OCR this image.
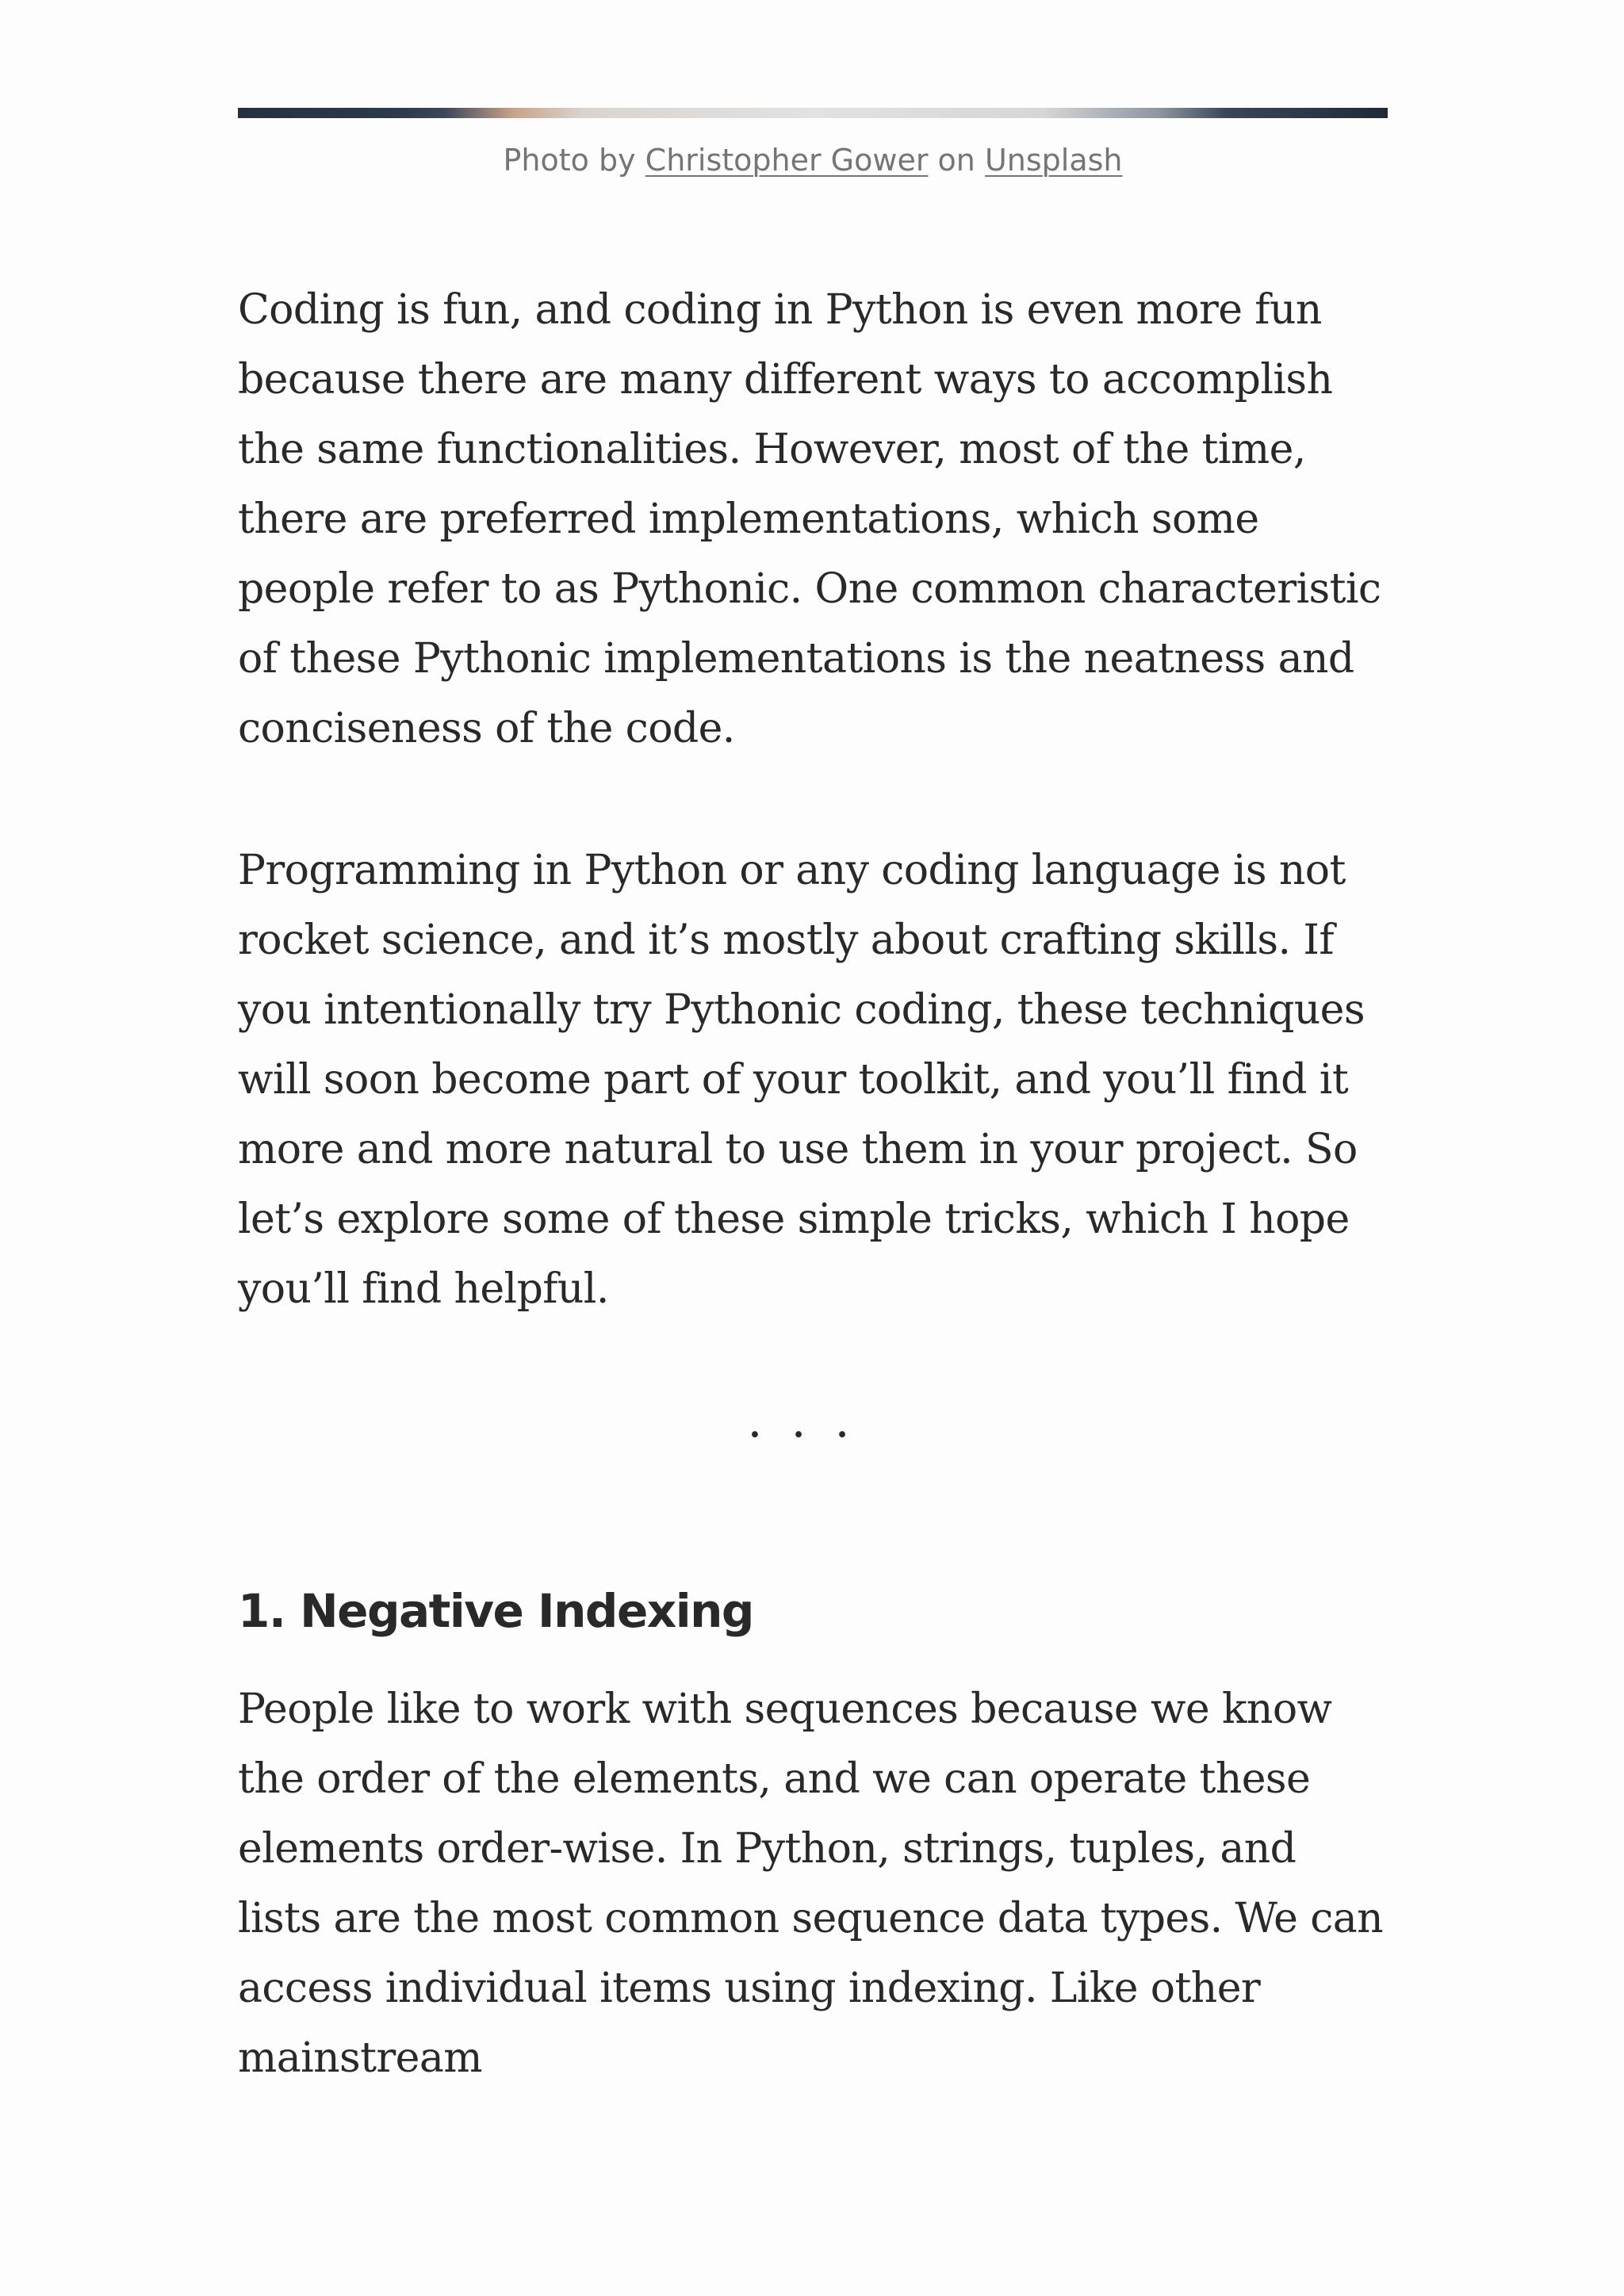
Photo by Christopher Gower on Unsplash

Coding is fun, and coding in Python is even more fun because there are many different ways to accomplish the same functionalities. However, most of the time, there are preferred implementations, which some people refer to as Pythonic. One common characteristic of these Pythonic implementations is the neatness and conciseness of the code.

Programming in Python or any coding language is not rocket science, and it’s mostly about crafting skills. If you intentionally try Pythonic coding, these techniques will soon become part of your toolkit, and you’ll find it more and more natural to use them in your project. So let’s explore some of these simple tricks, which I hope you’ll find helpful.

...
1. Negative Indexing

People like to work with sequences because we know the order of the elements, and we can operate these elements order-wise. In Python, strings, tuples, and lists are the most common sequence data types. We can access individual items using indexing. Like other mainstream
